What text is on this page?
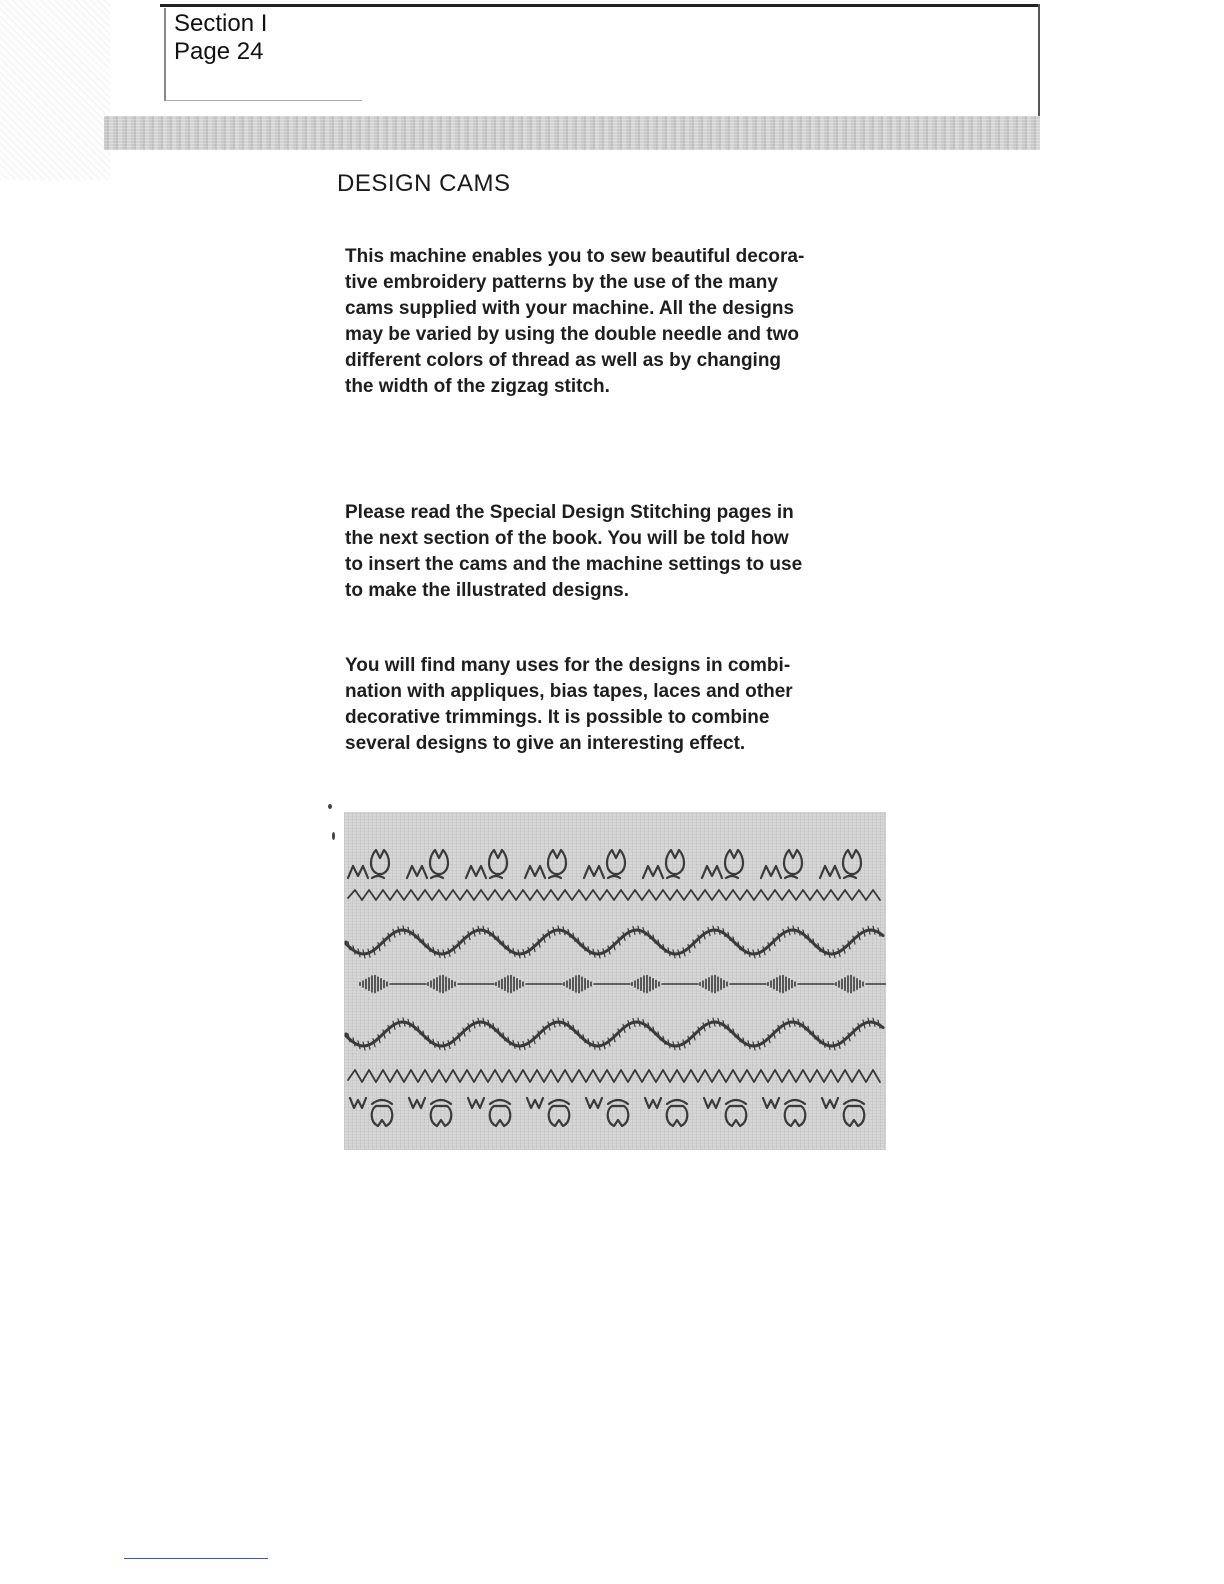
Section I
Page 24
DESIGN CAMS

This machine enables you to sew beautiful decora-
tive embroidery patterns by the use of the many
cams supplied with your machine. All the designs
may be varied by using the double needle and two
different colors of thread as well as by changing
the width of the zigzag stitch.

Please read the Special Design Stitching pages in
the next section of the book. You will be told how
to insert the cams and the machine settings to use
to make the illustrated designs.

You will find many uses for the designs in combi-
nation with appliques, bias tapes, laces and other
decorative trimmings. It is possible to combine
several designs to give an interesting effect.
